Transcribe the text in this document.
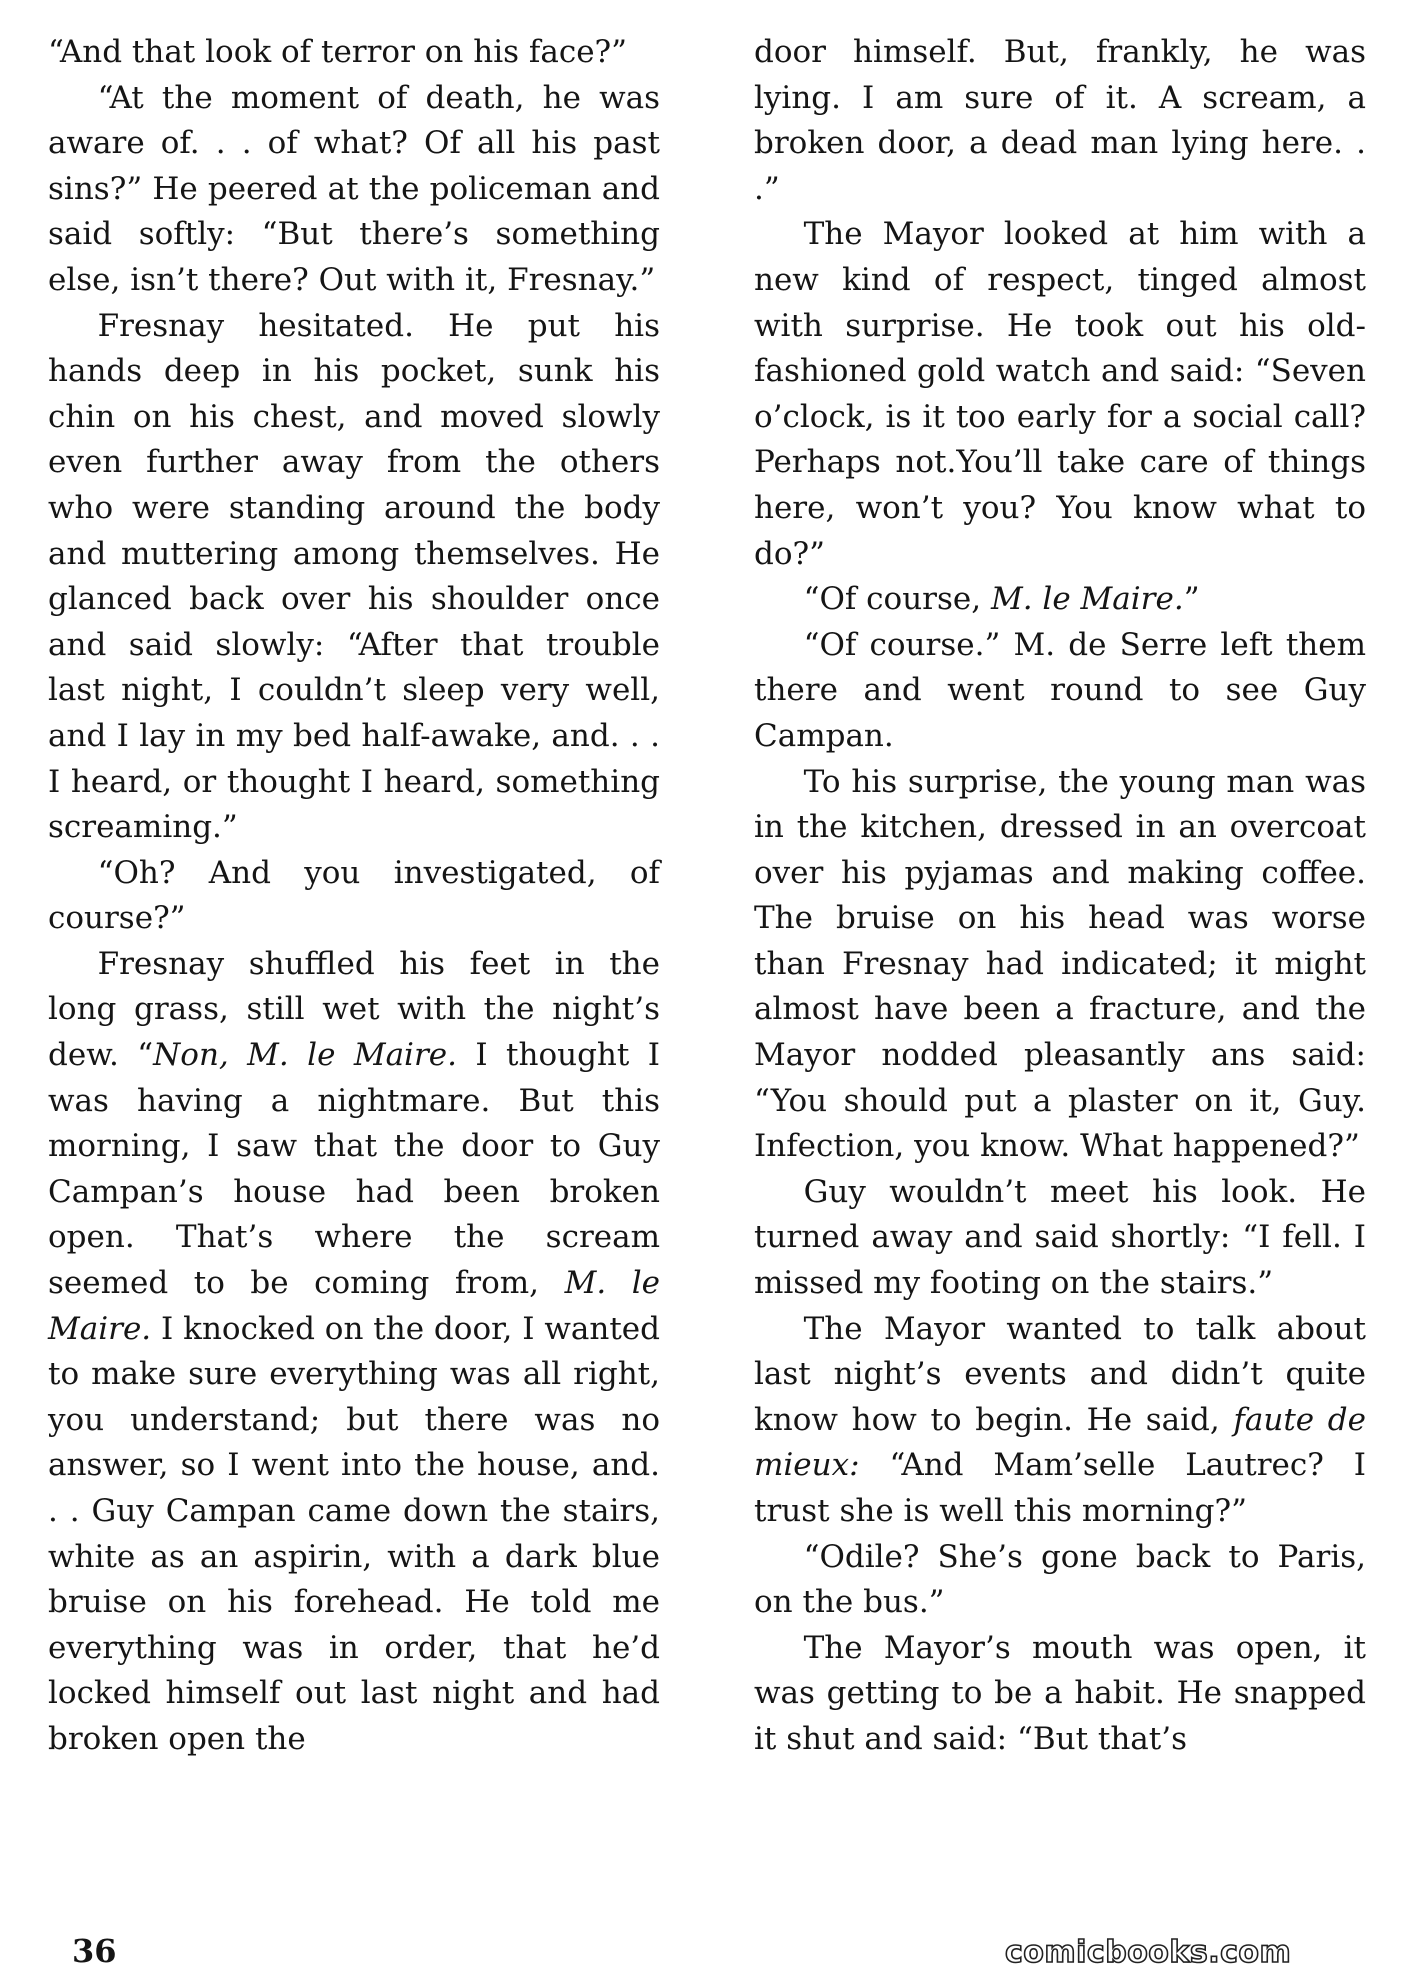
“And that look of terror on his face?”

“At the moment of death, he was aware of. . . of what? Of all his past sins?” He peered at the policeman and said softly: “But there’s something else, isn’t there? Out with it, Fresnay.”

Fresnay hesitated. He put his hands deep in his pocket, sunk his chin on his chest, and moved slowly even further away from the others who were standing around the body and muttering among themselves. He glanced back over his shoulder once and said slowly: “After that trouble last night, I couldn’t sleep very well, and I lay in my bed half-awake, and. . . I heard, or thought I heard, something screaming.”

“Oh? And you investigated, of course?”

Fresnay shuffled his feet in the long grass, still wet with the night’s dew. “Non, M. le Maire. I thought I was having a nightmare. But this morning, I saw that the door to Guy Campan’s house had been broken open. That’s where the scream seemed to be coming from, M. le Maire. I knocked on the door, I wanted to make sure everything was all right, you understand; but there was no answer, so I went into the house, and. . . Guy Campan came down the stairs, white as an aspirin, with a dark blue bruise on his forehead. He told me everything was in order, that he’d locked himself out last night and had broken open the

door himself. But, frankly, he was lying. I am sure of it. A scream, a broken door, a dead man lying here. . .”

The Mayor looked at him with a new kind of respect, tinged almost with surprise. He took out his old-fashioned gold watch and said: “Seven o’clock, is it too early for a social call? Perhaps not.You’ll take care of things here, won’t you? You know what to do?”

“Of course, M. le Maire.”

“Of course.” M. de Serre left them there and went round to see Guy Campan.

To his surprise, the young man was in the kitchen, dressed in an overcoat over his pyjamas and making coffee. The bruise on his head was worse than Fresnay had indicated; it might almost have been a fracture, and the Mayor nodded pleasantly ans said: “You should put a plaster on it, Guy. Infection, you know. What happened?”

Guy wouldn’t meet his look. He turned away and said shortly: “I fell. I missed my footing on the stairs.”

The Mayor wanted to talk about last night’s events and didn’t quite know how to begin. He said, faute de mieux: “And Mam’selle Lautrec? I trust she is well this morning?”

“Odile? She’s gone back to Paris, on the bus.”

The Mayor’s mouth was open, it was getting to be a habit. He snapped it shut and said: “But that’s

36	comicbooks.com
